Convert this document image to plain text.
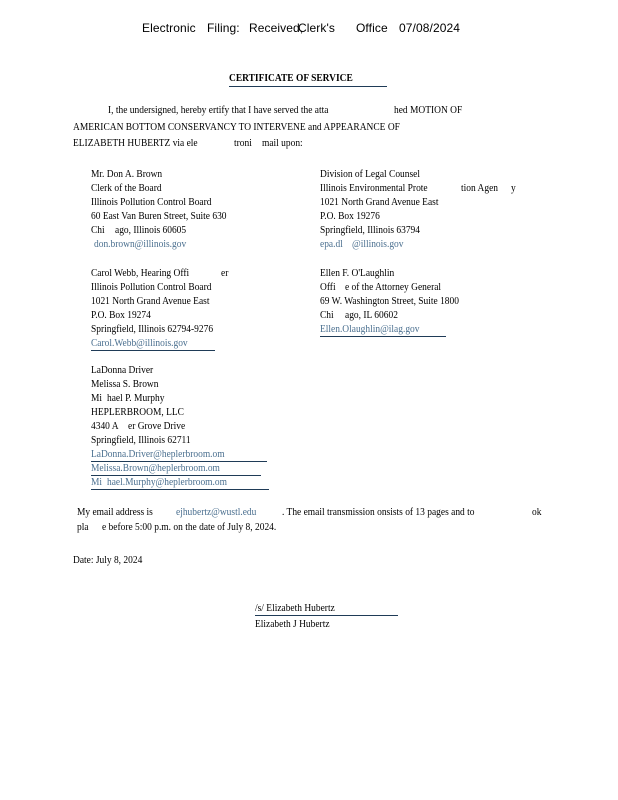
Electronic Filing: Received,
Clerk's Office 07/08/2024
CERTIFICATE OF SERVICE
I, the undersigned, hereby ertify that I have served the atta	hed MOTION OF
AMERICAN BOTTOM CONSERVANCY TO INTERVENE and APPEARANCE OF
ELIZABETH HUBERTZ via ele	troni mail upon:
Mr. Don A. Brown
Clerk of the Board
Illinois Pollution Control Board
60 East Van Buren Street, Suite 630
Chi ago, Illinois 60605
don.brown@illinois.gov
Division of Legal Counsel
Illinois Environmental Prote	tion Agen y
1021 North Grand Avenue East
P.O. Box 19276
Springfield, Illinois 63794
epa.dl @illinois.gov
Carol Webb, Hearing Offi	er
Illinois Pollution Control Board
1021 North Grand Avenue East
P.O. Box 19274
Springfield, Illinois 62794-9276
Carol.Webb@illinois.gov
Ellen F. O'Laughlin
Offi e of the Attorney General
69 W. Washington Street, Suite 1800
Chi ago, IL 60602
Ellen.Olaughlin@ilag.gov
LaDonna Driver
Melissa S. Brown
Mi hael P. Murphy
HEPLERBROOM, LLC
4340 A er Grove Drive
Springfield, Illinois 62711
LaDonna.Driver@heplerbroom.om
Melissa.Brown@heplerbroom.om
Mi hael.Murphy@heplerbroom.om
My email address is ejhubertz@wustl.edu . The email transmission onsists of 13 pages and to	ok
pla e before 5:00 p.m. on the date of July 8, 2024.
Date: July 8, 2024
/s/ Elizabeth Hubertz
Elizabeth J Hubertz
